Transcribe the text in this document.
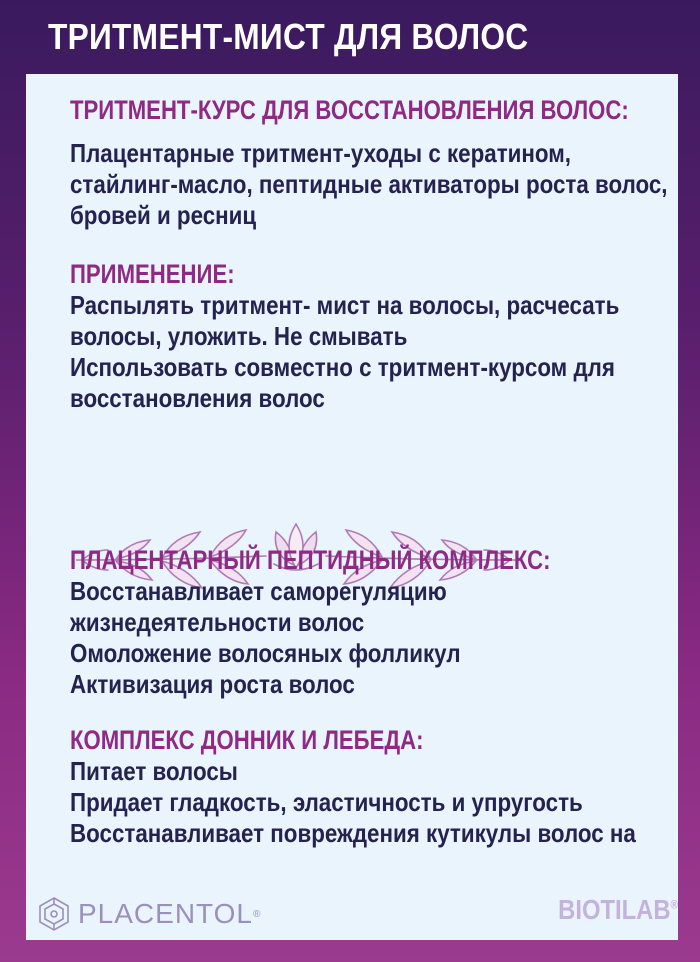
ТРИТМЕНТ-МИСТ ДЛЯ ВОЛОС
ТРИТМЕНТ-КУРС ДЛЯ ВОССТАНОВЛЕНИЯ ВОЛОС:
Плацентарные тритмент-уходы с кератином,
стайлинг-масло, пептидные активаторы роста волос,
бровей и ресниц
ПРИМЕНЕНИЕ:
Распылять тритмент- мист на волосы, расчесать
волосы, уложить. Не смывать
Использовать совместно с тритмент-курсом для
восстановления волос
ПЛАЦЕНТАРНЫЙ ПЕПТИДНЫЙ КОМПЛЕКС:
Восстанавливает саморегуляцию
жизнедеятельности волос
Омоложение волосяных фолликул
Активизация роста волос
КОМПЛЕКС ДОННИК И ЛЕБЕДА:
Питает волосы
Придает гладкость, эластичность и упругость
Восстанавливает повреждения кутикулы волос на
PLACENTOL ®	BIOTILAB®
